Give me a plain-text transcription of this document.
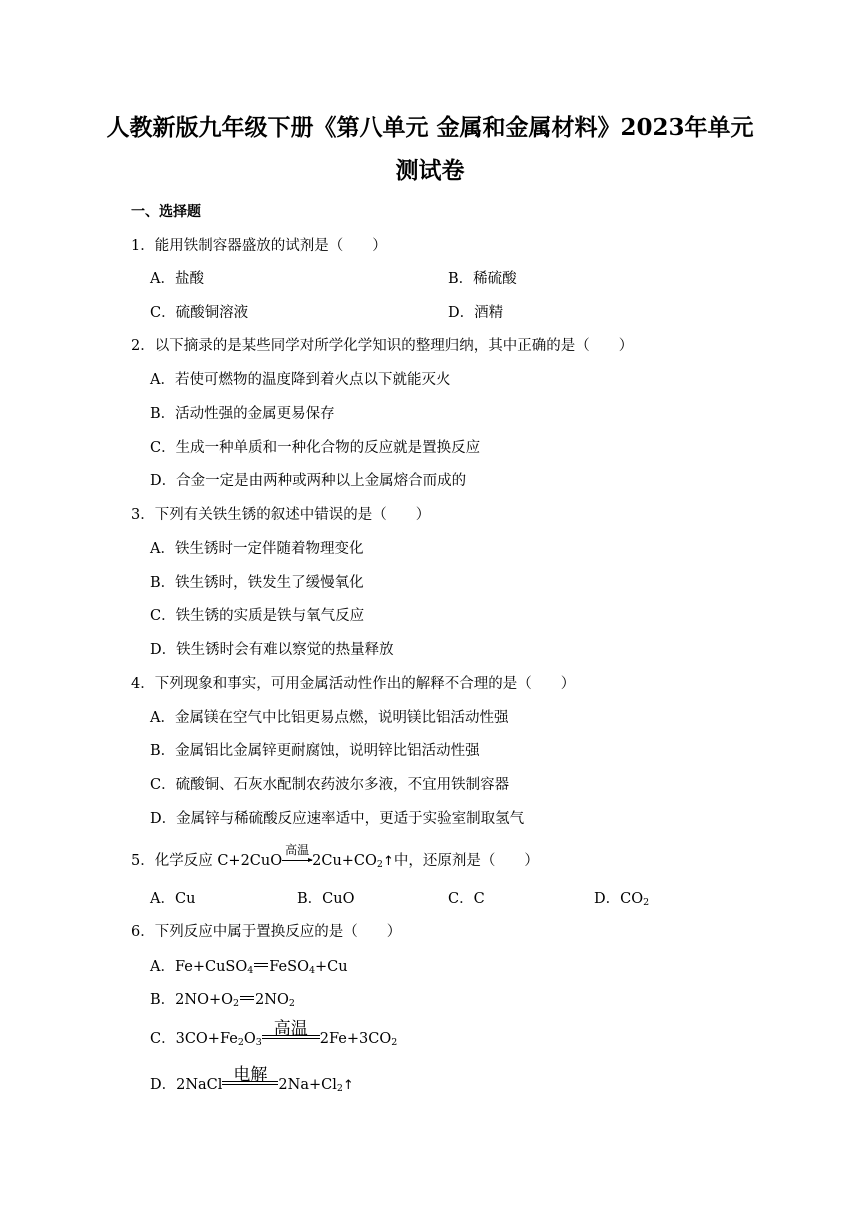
人教新版九年级下册《第八单元 金属和金属材料》2023年单元
测试卷
一、选择题
1．能用铁制容器盛放的试剂是（　　）
A．盐酸	B．稀硫酸
C．硫酸铜溶液	D．酒精
2．以下摘录的是某些同学对所学化学知识的整理归纳，其中正确的是（　　）
A．若使可燃物的温度降到着火点以下就能灭火
B．活动性强的金属更易保存
C．生成一种单质和一种化合物的反应就是置换反应
D．合金一定是由两种或两种以上金属熔合而成的
3．下列有关铁生锈的叙述中错误的是（　　）
A．铁生锈时一定伴随着物理变化
B．铁生锈时，铁发生了缓慢氧化
C．铁生锈的实质是铁与氧气反应
D．铁生锈时会有难以察觉的热量释放
4．下列现象和事实，可用金属活动性作出的解释不合理的是（　　）
A．金属镁在空气中比铝更易点燃，说明镁比铝活动性强
B．金属铝比金属锌更耐腐蚀，说明锌比铝活动性强
C．硫酸铜、石灰水配制农药波尔多液，不宜用铁制容器
D．金属锌与稀硫酸反应速率适中，更适于实验室制取氢气
5．化学反应 C+2CuO
高温
$2Cu+CO_2↑$中，还原剂是（　　）
A．Cu	B．CuO	C．C	D．$CO_2$
6．下列反应中属于置换反应的是（　　）
A．Fe+CuSO$_4$ FeSO$_4$+Cu
B．$2NO+O_2$ $2NO_2$
C．$3CO+Fe_2O_3$
高温 $2Fe+3CO_2$
D．2NaCl 电解 $2Na+Cl_2↑$
